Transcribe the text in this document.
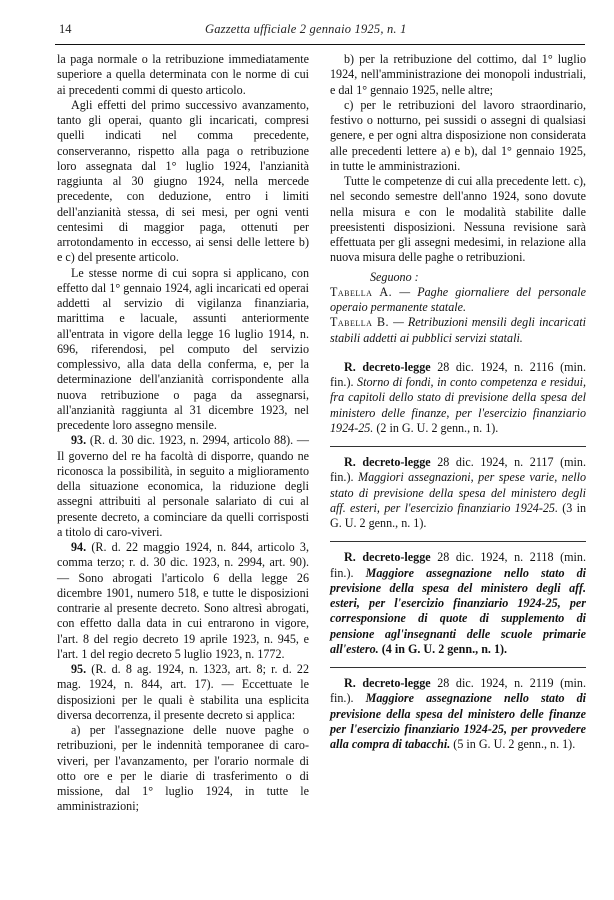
14	Gazzetta ufficiale 2 gennaio 1925, n. 1

la paga normale o la retribuzione immediatamente superiore a quella determinata con le norme di cui ai precedenti commi di questo articolo.

Agli effetti del primo successivo avanzamento, tanto gli operai, quanto gli incaricati, compresi quelli indicati nel comma precedente, conserveranno, rispetto alla paga o retribuzione loro assegnata dal 1° luglio 1924, l'anzianità raggiunta al 30 giugno 1924, nella mercede precedente, con deduzione, entro i limiti dell'anzianità stessa, di sei mesi, per ogni venti centesimi di maggior paga, ottenuti per arrotondamento in eccesso, ai sensi delle lettere b) e c) del presente articolo.

Le stesse norme di cui sopra si applicano, con effetto dal 1° gennaio 1924, agli incaricati ed operai addetti al servizio di vigilanza finanziaria, marittima e lacuale, assunti anteriormente all'entrata in vigore della legge 16 luglio 1914, n. 696, riferendosi, pel computo del servizio complessivo, alla data della conferma, e, per la determinazione dell'anzianità corrispondente alla nuova retribuzione o paga da assegnarsi, all'anzianità raggiunta al 31 dicembre 1923, nel precedente loro assegno mensile.

93. (R. d. 30 dic. 1923, n. 2994, articolo 88). — Il governo del re ha facoltà di disporre, quando ne riconosca la possibilità, in seguito a miglioramento della situazione economica, la riduzione degli assegni attribuiti al personale salariato di cui al presente decreto, a cominciare da quelli corrisposti a titolo di caro-viveri.

94. (R. d. 22 maggio 1924, n. 844, articolo 3, comma terzo; r. d. 30 dic. 1923, n. 2994, art. 90). — Sono abrogati l'articolo 6 della legge 26 dicembre 1901, numero 518, e tutte le disposizioni contrarie al presente decreto. Sono altresì abrogati, con effetto dalla data in cui entrarono in vigore, l'art. 8 del regio decreto 19 aprile 1923, n. 945, e l'art. 1 del regio decreto 5 luglio 1923, n. 1772.

95. (R. d. 8 ag. 1924, n. 1323, art. 8; r. d. 22 mag. 1924, n. 844, art. 17). — Eccettuate le disposizioni per le quali è stabilita una esplicita diversa decorrenza, il presente decreto si applica:

a) per l'assegnazione delle nuove paghe o retribuzioni, per le indennità temporanee di caro-viveri, per l'avanzamento, per l'orario normale di otto ore e per le diarie di trasferimento o di missione, dal 1° luglio 1924, in tutte le amministrazioni;

b) per la retribuzione del cottimo, dal 1° luglio 1924, nell'amministrazione dei monopoli industriali, e dal 1° gennaio 1925, nelle altre;

c) per le retribuzioni del lavoro straordinario, festivo o notturno, pei sussidi o assegni di qualsiasi genere, e per ogni altra disposizione non considerata alle precedenti lettere a) e b), dal 1° gennaio 1925, in tutte le amministrazioni.

Tutte le competenze di cui alla precedente lett. c), nel secondo semestre dell'anno 1924, sono dovute nella misura e con le modalità stabilite dalle preesistenti disposizioni. Nessuna revisione sarà effettuata per gli assegni medesimi, in relazione alla nuova misura delle paghe o retribuzioni.

Seguono :

Tabella A. — Paghe giornaliere del personale operaio permanente statale.

Tabella B. — Retribuzioni mensili degli incaricati stabili addetti ai pubblici servizi statali.

R. decreto-legge 28 dic. 1924, n. 2116 (min. fin.). Storno di fondi, in conto competenza e residui, fra capitoli dello stato di previsione della spesa del ministero delle finanze, per l'esercizio finanziario 1924-25. (2 in G. U. 2 genn., n. 1).

R. decreto-legge 28 dic. 1924, n. 2117 (min. fin.). Maggiori assegnazioni, per spese varie, nello stato di previsione della spesa del ministero degli aff. esteri, per l'esercizio finanziario 1924-25. (3 in G. U. 2 genn., n. 1).

R. decreto-legge 28 dic. 1924, n. 2118 (min. fin.). Maggiore assegnazione nello stato di previsione della spesa del ministero degli aff. esteri, per l'esercizio finanziario 1924-25, per corresponsione di quote di supplemento di pensione agl'insegnanti delle scuole primarie all'estero. (4 in G. U. 2 genn., n. 1).

R. decreto-legge 28 dic. 1924, n. 2119 (min. fin.). Maggiore assegnazione nello stato di previsione della spesa del ministero delle finanze per l'esercizio finanziario 1924-25, per provvedere alla compra di tabacchi. (5 in G. U. 2 genn., n. 1).
